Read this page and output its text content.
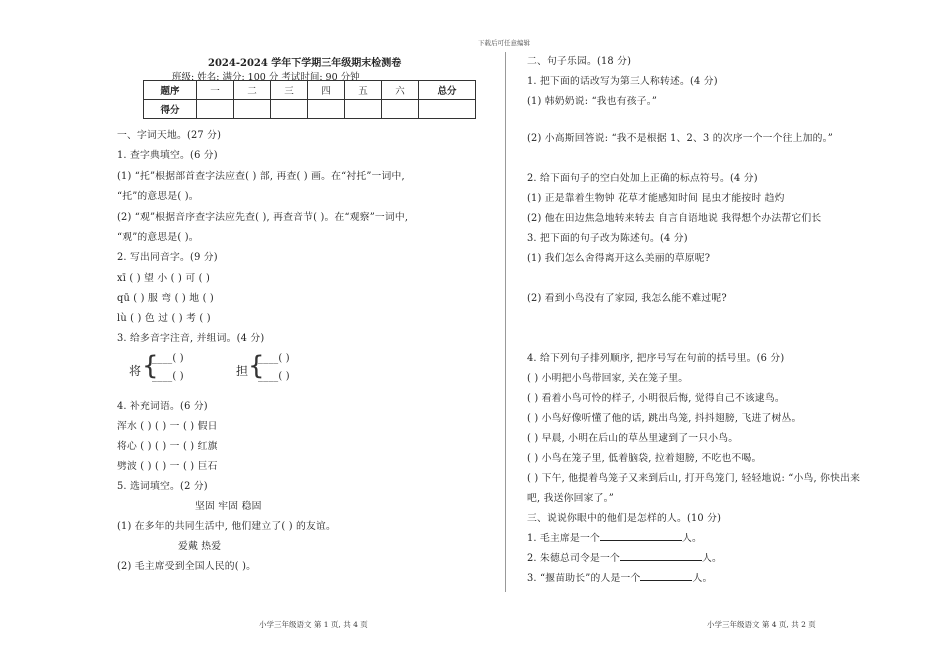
下载后可任意编辑
2024-2024 学年下学期三年级期末检测卷
班级: 姓名: 满分: 100 分 考试时间: 90 分钟
题序	一	二	三	四	五	六	总分
得分							
一、字词天地。(27 分)
1. 查字典填空。(6 分)
(1) “托”根据部首查字法应查( ) 部, 再查( ) 画。在“衬托”一词中,
“托”的意思是( )。
(2) “观”根据音序查字法应先查( ), 再查音节( )。在“观察”一词中,
“观”的意思是( )。
2. 写出同音字。(9 分)
xī ( ) 望 小 ( ) 可 ( )
qū ( ) 服 弯 ( ) 地 ( )
lù ( ) 色 过 ( ) 考 ( )
3. 给多音字注音, 并组词。(4 分)
将 {
____( )
____( )	担 {
____( )
____( )
4. 补充词语。(6 分)
浑水 ( ) ( ) 一 ( ) 假日
将心 ( ) ( ) 一 ( ) 红旗
劈波 ( ) ( ) 一 ( ) 巨石
5. 选词填空。(2 分)
坚固 牢固 稳固
(1) 在多年的共同生活中, 他们建立了( ) 的友谊。
爱戴 热爱
(2) 毛主席受到全国人民的( )。
二、句子乐园。(18 分)
1. 把下面的话改写为第三人称转述。(4 分)
(1) 韩奶奶说: “我也有孩子。”
(2) 小高斯回答说: “我不是根据 1、2、3 的次序一个一个往上加的。”
2. 给下面句子的空白处加上正确的标点符号。(4 分)
(1) 正是靠着生物钟 花草才能感知时间 昆虫才能按时 趋灼
(2) 他在田边焦急地转来转去 自言自语地说 我得想个办法帮它们长
3. 把下面的句子改为陈述句。(4 分)
(1) 我们怎么舍得离开这么美丽的草原呢?
(2) 看到小鸟没有了家园, 我怎么能不难过呢?
4. 给下列句子排列顺序, 把序号写在句前的括号里。(6 分)
( ) 小明把小鸟带回家, 关在笼子里。
( ) 看着小鸟可怜的样子, 小明很后悔, 觉得自己不该逮鸟。
( ) 小鸟好像听懂了他的话, 跳出鸟笼, 抖抖翅膀, 飞进了树丛。
( ) 早晨, 小明在后山的草丛里逮到了一只小鸟。
( ) 小鸟在笼子里, 低着脑袋, 拉着翅膀, 不吃也不喝。
( ) 下午, 他提着鸟笼子又来到后山, 打开鸟笼门, 轻轻地说: “小鸟, 你快出来
吧, 我送你回家了。”
三、说说你眼中的他们是怎样的人。(10 分)
1. 毛主席是一个	人。
2. 朱德总司令是一个	人。
3. “揠苗助长”的人是一个	人。
小学三年级语文 第 1 页, 共 4 页	小学三年级语文 第 4 页, 共 2 页
